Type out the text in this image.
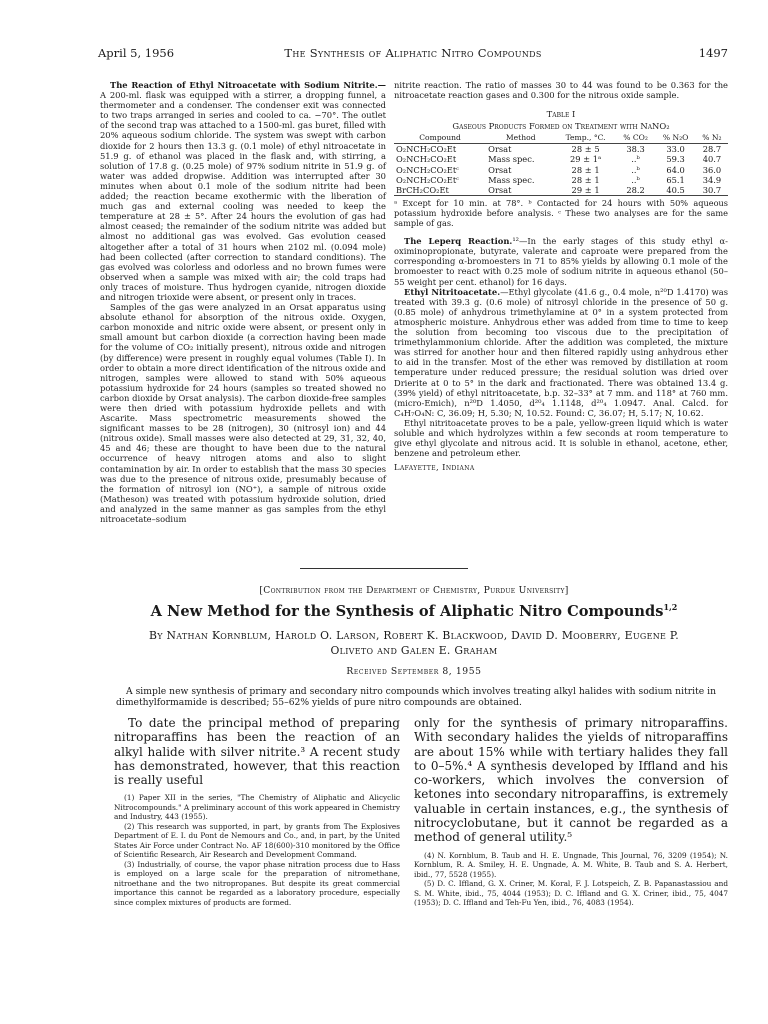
April 5, 1956	The Synthesis of Aliphatic Nitro Compounds	1497

The Reaction of Ethyl Nitroacetate with Sodium Nitrite.— A 200-ml. flask was equipped with a stirrer, a dropping funnel, a thermometer and a condenser. The condenser exit was connected to two traps arranged in series and cooled to ca. −70°. The outlet of the second trap was attached to a 1500-ml. gas buret, filled with 20% aqueous sodium chloride. The system was swept with carbon dioxide for 2 hours then 13.3 g. (0.1 mole) of ethyl nitroacetate in 51.9 g. of ethanol was placed in the flask and, with stirring, a solution of 17.8 g. (0.25 mole) of 97% sodium nitrite in 51.9 g. of water was added dropwise. Addition was interrupted after 30 minutes when about 0.1 mole of the sodium nitrite had been added; the reaction became exothermic with the liberation of much gas and external cooling was needed to keep the temperature at 28 ± 5°. After 24 hours the evolution of gas had almost ceased; the remainder of the sodium nitrite was added but almost no additional gas was evolved. Gas evolution ceased altogether after a total of 31 hours when 2102 ml. (0.094 mole) had been collected (after correction to standard conditions). The gas evolved was colorless and odorless and no brown fumes were observed when a sample was mixed with air; the cold traps had only traces of moisture. Thus hydrogen cyanide, nitrogen dioxide and nitrogen trioxide were absent, or present only in traces.

Samples of the gas were analyzed in an Orsat apparatus using absolute ethanol for absorption of the nitrous oxide. Oxygen, carbon monoxide and nitric oxide were absent, or present only in small amount but carbon dioxide (a correction having been made for the volume of CO₂ initially present), nitrous oxide and nitrogen (by difference) were present in roughly equal volumes (Table I). In order to obtain a more direct identification of the nitrous oxide and nitrogen, samples were allowed to stand with 50% aqueous potassium hydroxide for 24 hours (samples so treated showed no carbon dioxide by Orsat analysis). The carbon dioxide-free samples were then dried with potassium hydroxide pellets and with Ascarite. Mass spectrometric measurements showed the significant masses to be 28 (nitrogen), 30 (nitrosyl ion) and 44 (nitrous oxide). Small masses were also detected at 29, 31, 32, 40, 45 and 46; these are thought to have been due to the natural occurrence of heavy nitrogen atoms and also to slight contamination by air. In order to establish that the mass 30 species was due to the presence of nitrous oxide, presumably because of the formation of nitrosyl ion (NO⁺), a sample of nitrous oxide (Matheson) was treated with potassium hydroxide solution, dried and analyzed in the same manner as gas samples from the ethyl nitroacetate–sodium

nitrite reaction. The ratio of masses 30 to 44 was found to be 0.363 for the nitroacetate reaction gases and 0.300 for the nitrous oxide sample.

Table I
Gaseous Products Formed on Treatment with NaNO₂
Compound	Method	Temp., °C.	% CO₂	% N₂O	% N₂
O₂NCH₂CO₂Et	Orsat	28 ± 5	38.3	33.0	28.7
O₂NCH₂CO₂Et	Mass spec.	29 ± 1ᵃ	..ᵇ	59.3	40.7
O₂NCH₂CO₂Etᶜ	Orsat	28 ± 1	..ᵇ	64.0	36.0
O₂NCH₂CO₂Etᶜ	Mass spec.	28 ± 1	..ᵇ	65.1	34.9
BrCH₂CO₂Et	Orsat	29 ± 1	28.2	40.5	30.7

ᵃ Except for 10 min. at 78°. ᵇ Contacted for 24 hours with 50% aqueous potassium hydroxide before analysis. ᶜ These two analyses are for the same sample of gas.

The Leperq Reaction.¹²—In the early stages of this study ethyl α-oximinopropionate, butyrate, valerate and caproate were prepared from the corresponding α-bromoesters in 71 to 85% yields by allowing 0.1 mole of the bromoester to react with 0.25 mole of sodium nitrite in aqueous ethanol (50–55 weight per cent. ethanol) for 16 days.

Ethyl Nitritoacetate.—Ethyl glycolate (41.6 g., 0.4 mole, n²⁰D 1.4170) was treated with 39.3 g. (0.6 mole) of nitrosyl chloride in the presence of 50 g. (0.85 mole) of anhydrous trimethylamine at 0° in a system protected from atmospheric moisture. Anhydrous ether was added from time to time to keep the solution from becoming too viscous due to the precipitation of trimethylammonium chloride. After the addition was completed, the mixture was stirred for another hour and then filtered rapidly using anhydrous ether to aid in the transfer. Most of the ether was removed by distillation at room temperature under reduced pressure; the residual solution was dried over Drierite at 0 to 5° in the dark and fractionated. There was obtained 13.4 g. (39% yield) of ethyl nitritoacetate, b.p. 32–33° at 7 mm. and 118° at 760 mm. (micro-Emich), n²⁰D 1.4050, d²⁰₄ 1.1148, d²⁰₄ 1.0947. Anal. Calcd. for C₄H₇O₄N: C, 36.09; H, 5.30; N, 10.52. Found: C, 36.07; H, 5.17; N, 10.62.

Ethyl nitritoacetate proves to be a pale, yellow-green liquid which is water soluble and which hydrolyzes within a few seconds at room temperature to give ethyl glycolate and nitrous acid. It is soluble in ethanol, acetone, ether, benzene and petroleum ether.

Lafayette, Indiana

[Contribution from the Department of Chemistry, Purdue University]
A New Method for the Synthesis of Aliphatic Nitro Compounds$^{1,2}$
By Nathan Kornblum, Harold O. Larson, Robert K. Blackwood, David D. Mooberry, Eugene P.
Oliveto and Galen E. Graham
Received September 8, 1955
A simple new synthesis of primary and secondary nitro compounds which involves treating alkyl halides with sodium nitrite in dimethylformamide is described; 55–62% yields of pure nitro compounds are obtained.

To date the principal method of preparing nitroparaffins has been the reaction of an alkyl halide with silver nitrite.³ A recent study has demonstrated, however, that this reaction is really useful

(1) Paper XII in the series, "The Chemistry of Aliphatic and Alicyclic Nitrocompounds." A preliminary account of this work appeared in Chemistry and Industry, 443 (1955).

(2) This research was supported, in part, by grants from The Explosives Department of E. I. du Pont de Nemours and Co., and, in part, by the United States Air Force under Contract No. AF 18(600)-310 monitored by the Office of Scientific Research, Air Research and Development Command.

(3) Industrially, of course, the vapor phase nitration process due to Hass is employed on a large scale for the preparation of nitromethane, nitroethane and the two nitropropanes. But despite its great commercial importance this cannot be regarded as a laboratory procedure, especially since complex mixtures of products are formed.

only for the synthesis of primary nitroparaffins. With secondary halides the yields of nitroparaffins are about 15% while with tertiary halides they fall to 0–5%.⁴ A synthesis developed by Iffland and his co-workers, which involves the conversion of ketones into secondary nitroparaffins, is extremely valuable in certain instances, e.g., the synthesis of nitrocyclobutane, but it cannot be regarded as a method of general utility.⁵

(4) N. Kornblum, B. Taub and H. E. Ungnade, This Journal, 76, 3209 (1954); N. Kornblum, R. A. Smiley, H. E. Ungnade, A. M. White, B. Taub and S. A. Herbert, ibid., 77, 5528 (1955).

(5) D. C. Iffland, G. X. Criner, M. Koral, F. J. Lotspeich, Z. B. Papanastassiou and S. M. White, ibid., 75, 4044 (1953); D. C. Iffland and G. X. Criner, ibid., 75, 4047 (1953); D. C. Iffland and Teh-Fu Yen, ibid., 76, 4083 (1954).
